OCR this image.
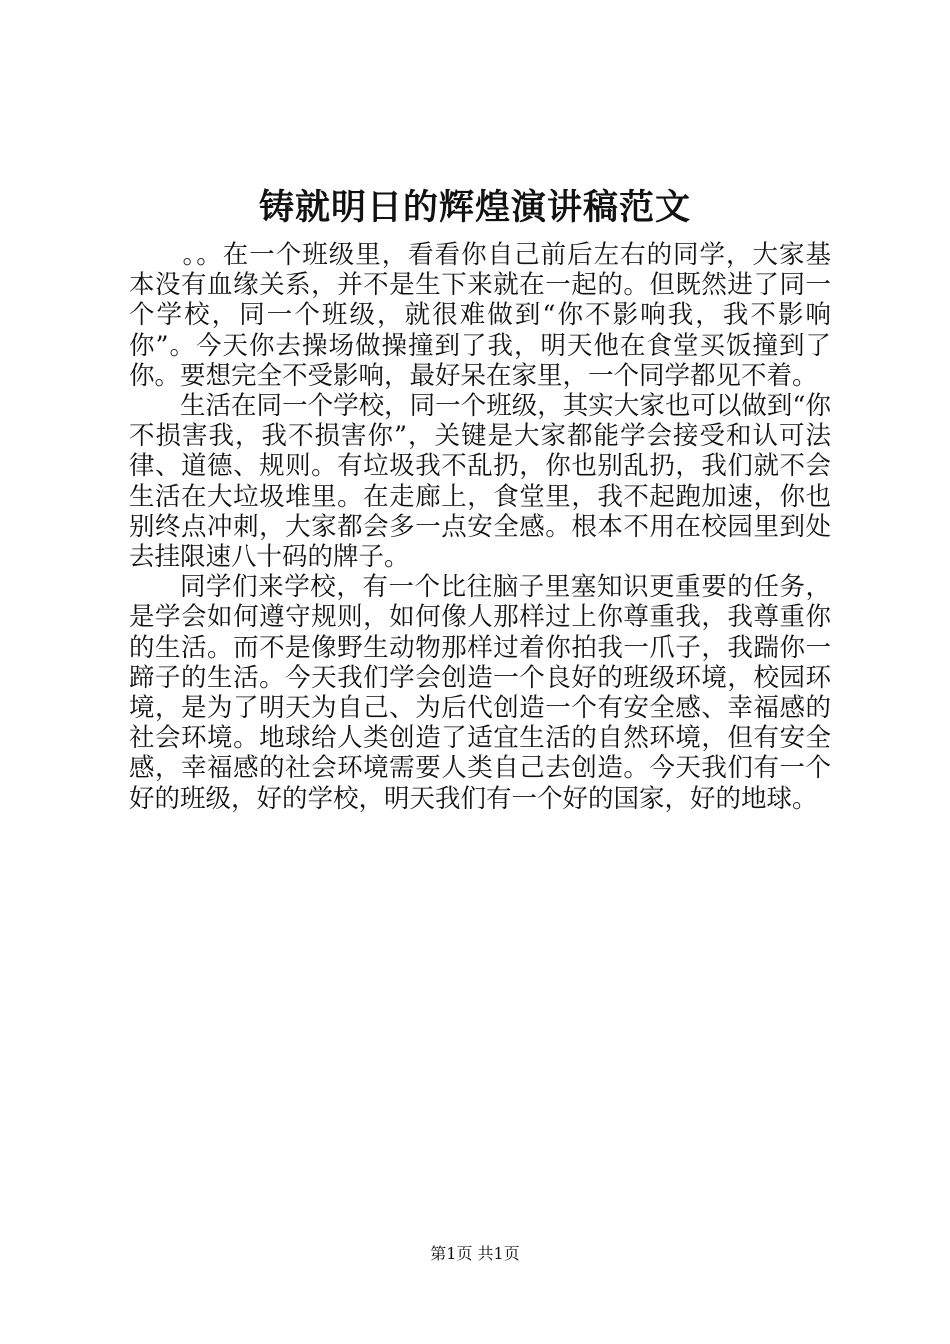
铸就明日的辉煌演讲稿范文

。。在一个班级里，看看你自己前后左右的同学，大家基本没有血缘关系，并不是生下来就在一起的。但既然进了同一个学校，同一个班级，就很难做到“你不影响我，我不影响你”。今天你去操场做操撞到了我，明天他在食堂买饭撞到了你。要想完全不受影响，最好呆在家里，一个同学都见不着。

生活在同一个学校，同一个班级，其实大家也可以做到“你不损害我，我不损害你”，关键是大家都能学会接受和认可法律、道德、规则。有垃圾我不乱扔，你也别乱扔，我们就不会生活在大垃圾堆里。在走廊上，食堂里，我不起跑加速，你也别终点冲刺，大家都会多一点安全感。根本不用在校园里到处去挂限速八十码的牌子。

同学们来学校，有一个比往脑子里塞知识更重要的任务，是学会如何遵守规则，如何像人那样过上你尊重我，我尊重你的生活。而不是像野生动物那样过着你拍我一爪子，我踹你一蹄子的生活。今天我们学会创造一个良好的班级环境，校园环境，是为了明天为自己、为后代创造一个有安全感、幸福感的社会环境。地球给人类创造了适宜生活的自然环境，但有安全感，幸福感的社会环境需要人类自己去创造。今天我们有一个好的班级，好的学校，明天我们有一个好的国家，好的地球。

第1页 共1页
